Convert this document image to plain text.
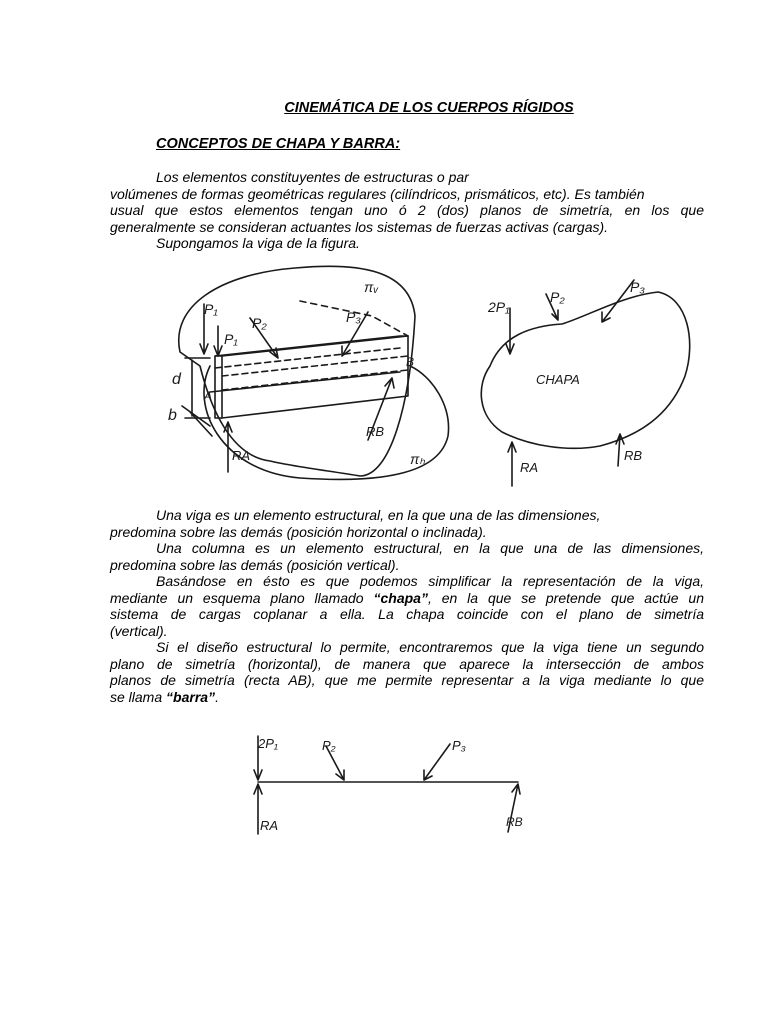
CINEMÁTICA DE LOS CUERPOS RÍGIDOS
CONCEPTOS DE CHAPA Y BARRA:
Los elementos constituyentes de estructuras o par
volúmenes de formas geométricas regulares (cilíndricos, prismáticos, etc). Es también
usual que estos elementos tengan uno ó 2 (dos) planos de simetría, en los que
generalmente se consideran actuantes los sistemas de fuerzas activas (cargas).
Supongamos la viga de la figura.
P₁
P₁
P₂	P₃
πᵥ
πₕ
d
b
A
B
RA
RB
CHAPA
2P₁
P₂
P₃
RA
RB
Una viga es un elemento estructural, en la que una de las dimensiones,
predomina sobre las demás (posición horizontal o inclinada).
Una columna es un elemento estructural, en la que una de las dimensiones,
predomina sobre las demás (posición vertical).
Basándose en ésto es que podemos simplificar la representación de la viga,
mediante un esquema plano llamado “chapa”, en la que se pretende que actúe un
sistema de cargas coplanar a ella. La chapa coincide con el plano de simetría
(vertical).
Si el diseño estructural lo permite, encontraremos que la viga tiene un segundo
plano de simetría (horizontal), de manera que aparece la intersección de ambos
planos de simetría (recta AB), que me permite representar a la viga mediante lo que
se llama “barra”.
2P₁	P₂	P₃
RA	RB
